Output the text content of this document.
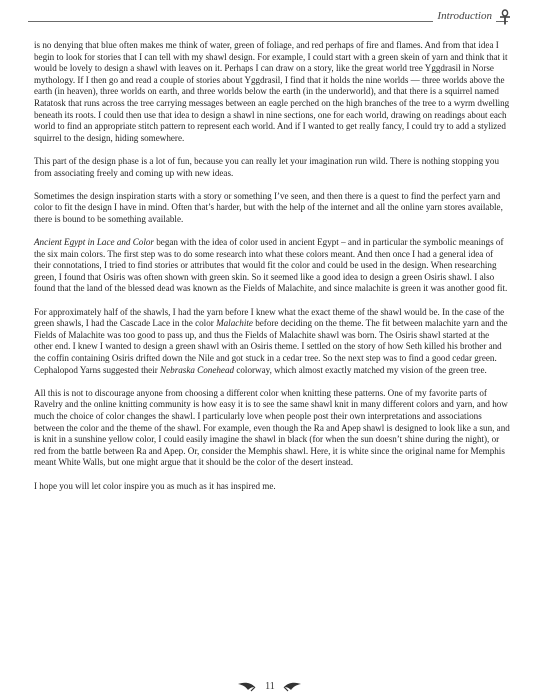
Introduction

is no denying that blue often makes me think of water, green of foliage, and red perhaps of fire and flames. And from that idea I begin to look for stories that I can tell with my shawl design. For example, I could start with a green skein of yarn and think that it would be lovely to design a shawl with leaves on it. Perhaps I can draw on a story, like the great world tree Yggdrasil in Norse mythology. If I then go and read a couple of stories about Yggdrasil, I find that it holds the nine worlds — three worlds above the earth (in heaven), three worlds on earth, and three worlds below the earth (in the underworld), and that there is a squirrel named Ratatosk that runs across the tree carrying messages between an eagle perched on the high branches of the tree to a wyrm dwelling beneath its roots. I could then use that idea to design a shawl in nine sections, one for each world, drawing on readings about each world to find an appropriate stitch pattern to represent each world. And if I wanted to get really fancy, I could try to add a stylized squirrel to the design, hiding somewhere.

This part of the design phase is a lot of fun, because you can really let your imagination run wild. There is nothing stopping you from associating freely and coming up with new ideas.

Sometimes the design inspiration starts with a story or something I’ve seen, and then there is a quest to find the perfect yarn and color to fit the design I have in mind. Often that’s harder, but with the help of the internet and all the online yarn stores available, there is bound to be something available.

Ancient Egypt in Lace and Color began with the idea of color used in ancient Egypt – and in particular the symbolic meanings of the six main colors. The first step was to do some research into what these colors meant. And then once I had a general idea of their connotations, I tried to find stories or attributes that would fit the color and could be used in the design. When researching green, I found that Osiris was often shown with green skin. So it seemed like a good idea to design a green Osiris shawl. I also found that the land of the blessed dead was known as the Fields of Malachite, and since malachite is green it was another good fit.

For approximately half of the shawls, I had the yarn before I knew what the exact theme of the shawl would be. In the case of the green shawls, I had the Cascade Lace in the color Malachite before deciding on the theme. The fit between malachite yarn and the Fields of Malachite was too good to pass up, and thus the Fields of Malachite shawl was born. The Osiris shawl started at the other end. I knew I wanted to design a green shawl with an Osiris theme. I settled on the story of how Seth killed his brother and the coffin containing Osiris drifted down the Nile and got stuck in a cedar tree. So the next step was to find a good cedar green. Cephalopod Yarns suggested their Nebraska Conehead colorway, which almost exactly matched my vision of the green tree.

All this is not to discourage anyone from choosing a different color when knitting these patterns. One of my favorite parts of Ravelry and the online knitting community is how easy it is to see the same shawl knit in many different colors and yarn, and how much the choice of color changes the shawl. I particularly love when people post their own interpretations and associations between the color and the theme of the shawl. For example, even though the Ra and Apep shawl is designed to look like a sun, and is knit in a sunshine yellow color, I could easily imagine the shawl in black (for when the sun doesn’t shine during the night), or red from the battle between Ra and Apep. Or, consider the Memphis shawl. Here, it is white since the original name for Memphis meant White Walls, but one might argue that it should be the color of the desert instead.

I hope you will let color inspire you as much as it has inspired me.

11
